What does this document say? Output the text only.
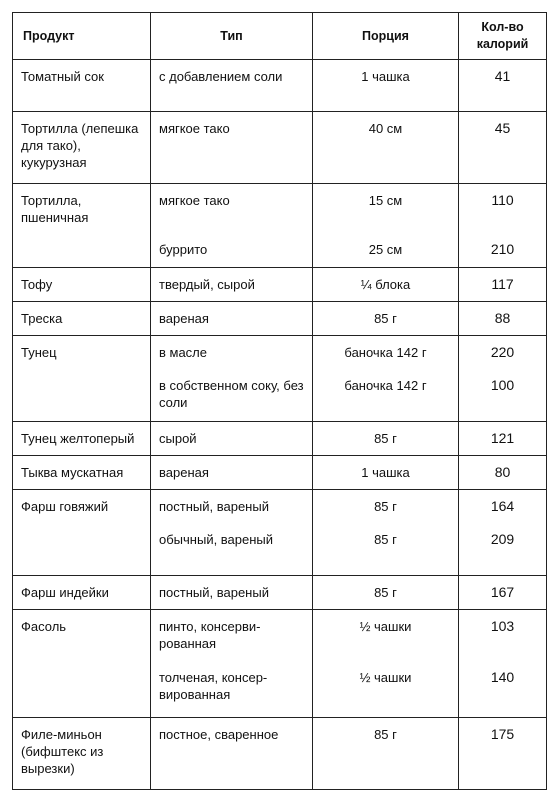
Продукт	Тип	Порция	Кол-во калорий
Томатный сок	с добавлением соли	1 чашка	41
Тортилла (лепешка для тако), кукурузная	мягкое тако	40 см	45
Тортилла, пшеничная	мягкое тако	15 см	110
	буррито	25 см	210
Тофу	твердый, сырой	¼ блока	117
Треска	вареная	85 г	88
Тунец	в масле	баночка 142 г	220
	в собственном соку, без соли	баночка 142 г	100
Тунец желтоперый	сырой	85 г	121
Тыква мускатная	вареная	1 чашка	80
Фарш говяжий	постный, вареный	85 г	164
	обычный, вареный	85 г	209
Фарш индейки	постный, вареный	85 г	167
Фасоль	пинто, консерви-рованная	½ чашки	103
	толченая, консер-вированная	½ чашки	140
Филе-миньон (бифштекс из вырезки)	постное, сваренное	85 г	175
